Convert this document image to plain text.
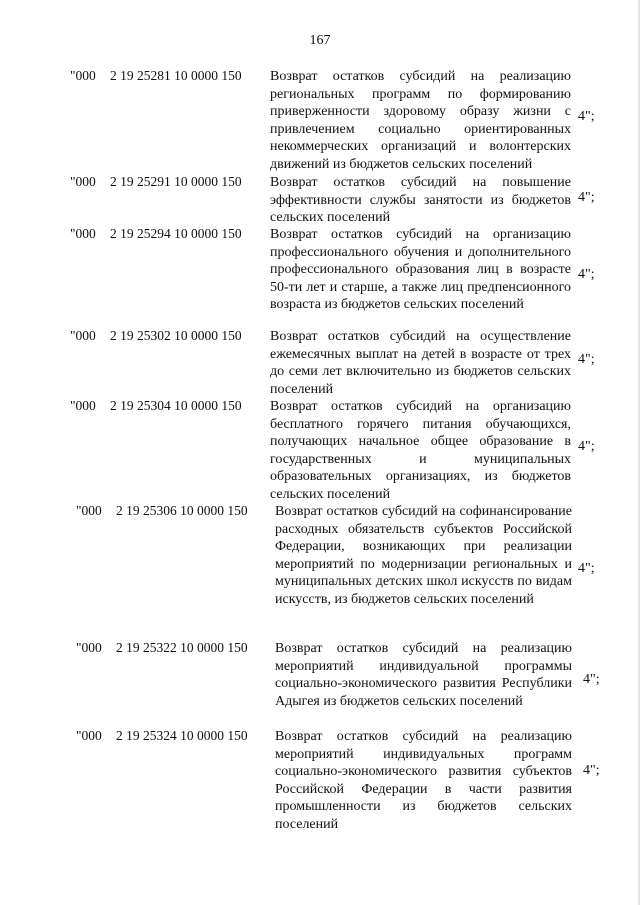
167
"000 2 19 25281 10 0000 150 Возврат остатков субсидий на реализацию региональных программ по формированию приверженности здоровому образу жизни с привлечением социально ориентированных некоммерческих организаций и волонтерских движений из бюджетов сельских поселений
4";
"000 2 19 25291 10 0000 150 Возврат остатков субсидий на повышение эффективности службы занятости из бюджетов сельских поселений
4";
"000 2 19 25294 10 0000 150 Возврат остатков субсидий на организацию профессионального обучения и дополнительного профессионального образования лиц в возрасте 50-ти лет и старше, а также лиц предпенсионного возраста из бюджетов сельских поселений
4";
"000 2 19 25302 10 0000 150 Возврат остатков субсидий на осуществление ежемесячных выплат на детей в возрасте от трех до семи лет включительно из бюджетов сельских поселений
4";
"000 2 19 25304 10 0000 150 Возврат остатков субсидий на организацию бесплатного горячего питания обучающихся, получающих начальное общее образование в государственных и муниципальных образовательных организациях, из бюджетов сельских поселений
4";
"000 2 19 25306 10 0000 150 Возврат остатков субсидий на софинансирование расходных обязательств субъектов Российской Федерации, возникающих при реализации мероприятий по модернизации региональных и муниципальных детских школ искусств по видам искусств, из бюджетов сельских поселений
4";
"000 2 19 25322 10 0000 150 Возврат остатков субсидий на реализацию мероприятий индивидуальной программы социально-экономического развития Республики Адыгея из бюджетов сельских поселений
4";
"000 2 19 25324 10 0000 150 Возврат остатков субсидий на реализацию мероприятий индивидуальных программ социально-экономического развития субъектов Российской Федерации в части развития промышленности из бюджетов сельских поселений
4";
